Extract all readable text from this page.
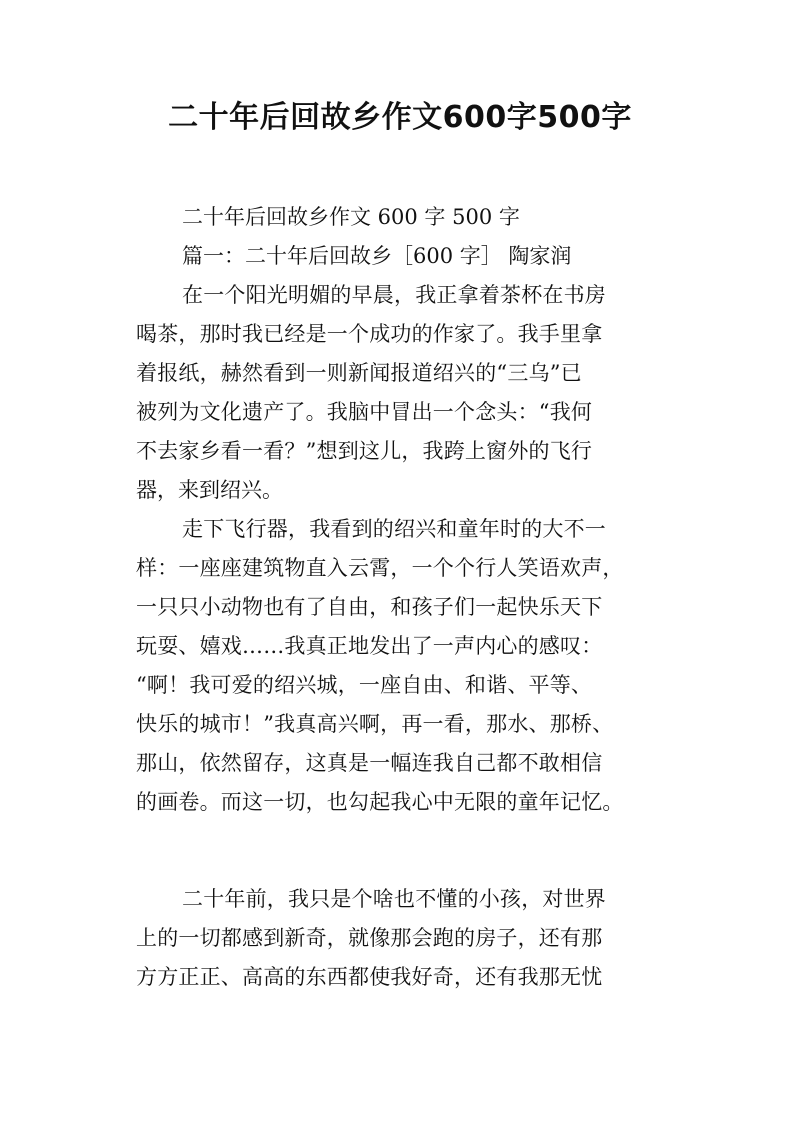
二十年后回故乡作文600字500字
二十年后回故乡作文 600 字 500 字
篇一：二十年后回故乡［600 字］ 陶家润
在一个阳光明媚的早晨，我正拿着茶杯在书房
喝茶，那时我已经是一个成功的作家了。我手里拿
着报纸，赫然看到一则新闻报道绍兴的“三乌”已
被列为文化遗产了。我脑中冒出一个念头：“我何
不去家乡看一看？”想到这儿，我跨上窗外的飞行
器，来到绍兴。
走下飞行器，我看到的绍兴和童年时的大不一
样：一座座建筑物直入云霄，一个个行人笑语欢声，
一只只小动物也有了自由，和孩子们一起快乐天下
玩耍、嬉戏……我真正地发出了一声内心的感叹：
“啊！我可爱的绍兴城，一座自由、和谐、平等、
快乐的城市！”我真高兴啊，再一看，那水、那桥、
那山，依然留存，这真是一幅连我自己都不敢相信
的画卷。而这一切，也勾起我心中无限的童年记忆。
二十年前，我只是个啥也不懂的小孩，对世界
上的一切都感到新奇，就像那会跑的房子，还有那
方方正正、高高的东西都使我好奇，还有我那无忧
